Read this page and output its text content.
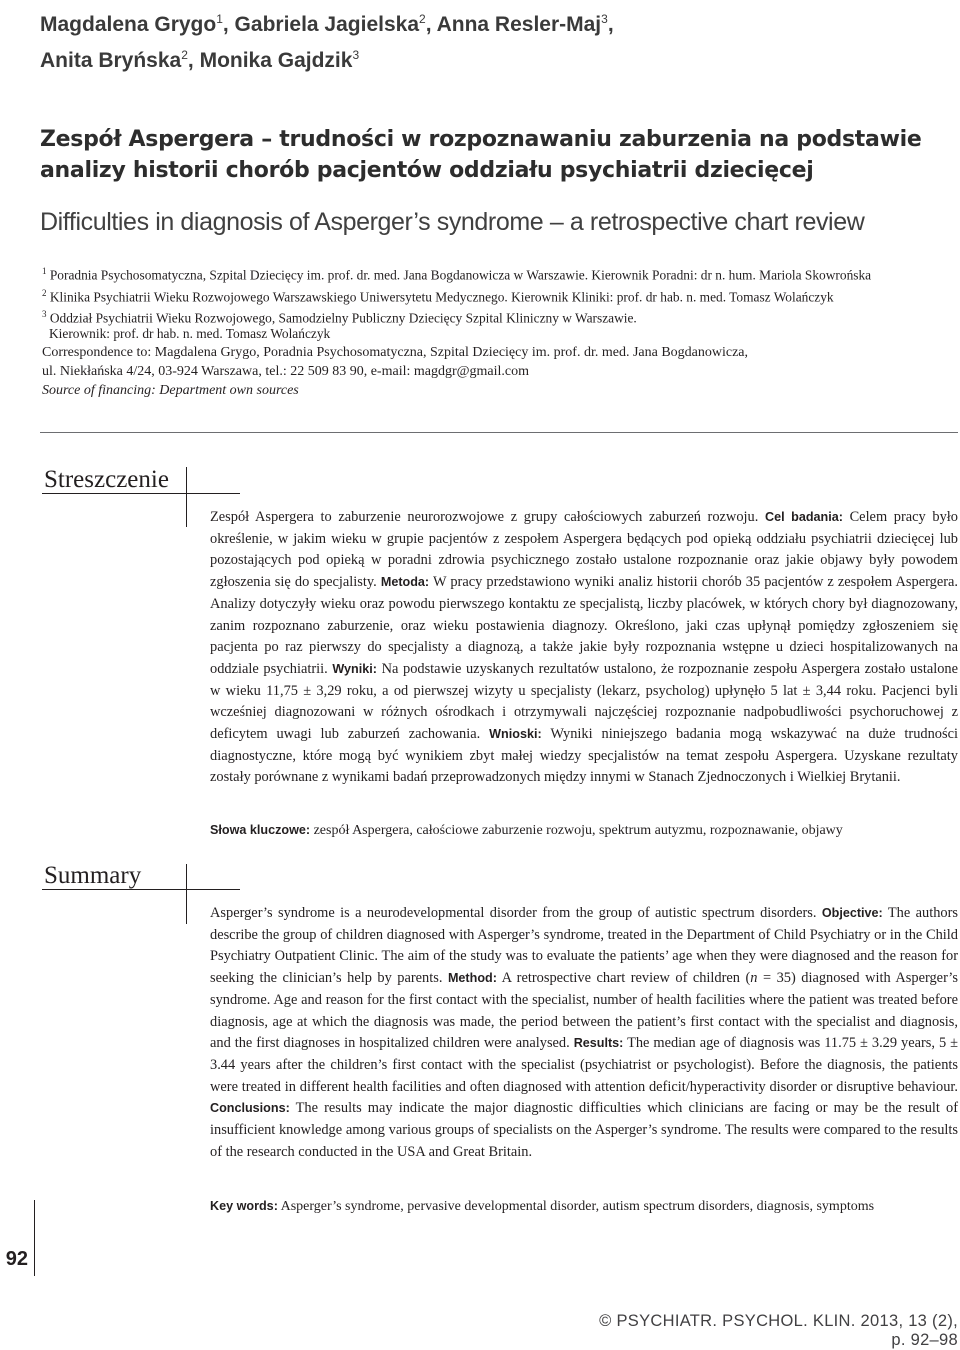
Magdalena Grygo$^1$, Gabriela Jagielska$^2$, Anna Resler-Maj$^3$,
Anita Bryńska$^2$, Monika Gajdzik$^3$
Zespół Aspergera – trudności w rozpoznawaniu zaburzenia na podstawie
analizy historii chorób pacjentów oddziału psychiatrii dziecięcej
Difficulties in diagnosis of Asperger’s syndrome – a retrospective chart review
$^1$ Poradnia Psychosomatyczna, Szpital Dziecięcy im. prof. dr. med. Jana Bogdanowicza w Warszawie. Kierownik Poradni: dr n. hum. Mariola Skowrońska
$^2$ Klinika Psychiatrii Wieku Rozwojowego Warszawskiego Uniwersytetu Medycznego. Kierownik Kliniki: prof. dr hab. n. med. Tomasz Wolańczyk
$^3$ Oddział Psychiatrii Wieku Rozwojowego, Samodzielny Publiczny Dziecięcy Szpital Kliniczny w Warszawie.
Kierownik: prof. dr hab. n. med. Tomasz Wolańczyk
Correspondence to: Magdalena Grygo, Poradnia Psychosomatyczna, Szpital Dziecięcy im. prof. dr. med. Jana Bogdanowicza,
ul. Niekłańska 4/24, 03-924 Warszawa, tel.: 22 509 83 90, e-mail: magdgr@gmail.com
Source of financing: Department own sources
Streszczenie
Zespół Aspergera to zaburzenie neurorozwojowe z grupy całościowych zaburzeń rozwoju. Cel badania: Celem pracy było określenie, w jakim wieku w grupie pacjentów z zespołem Aspergera będących pod opieką oddziału psychiatrii dziecięcej lub pozostających pod opieką w poradni zdrowia psychicznego zostało ustalone rozpoznanie oraz jakie objawy były powodem zgłoszenia się do specjalisty. Metoda: W pracy przedstawiono wyniki analiz historii chorób 35 pacjentów z zespołem Aspergera. Analizy dotyczyły wieku oraz powodu pierwszego kontaktu ze specjalistą, liczby placówek, w których chory był diagnozowany, zanim rozpoznano zaburzenie, oraz wieku postawienia diagnozy. Określono, jaki czas upłynął pomiędzy zgłoszeniem się pacjenta po raz pierwszy do specjalisty a diagnozą, a także jakie były rozpoznania wstępne u dzieci hospitalizowanych na oddziale psychiatrii. Wyniki: Na podstawie uzyskanych rezultatów ustalono, że rozpoznanie zespołu Aspergera zostało ustalone w wieku 11,75 ± 3,29 roku, a od pierwszej wizyty u specjalisty (lekarz, psycholog) upłynęło 5 lat ± 3,44 roku. Pacjenci byli wcześniej diagnozowani w różnych ośrodkach i otrzymywali najczęściej rozpoznanie nadpobudliwości psychoruchowej z deficytem uwagi lub zaburzeń zachowania. Wnioski: Wyniki niniejszego badania mogą wskazywać na duże trudności diagnostyczne, które mogą być wynikiem zbyt małej wiedzy specjalistów na temat zespołu Aspergera. Uzyskane rezultaty zostały porównane z wynikami badań przeprowadzonych między innymi w Stanach Zjednoczonych i Wielkiej Brytanii.
Słowa kluczowe: zespół Aspergera, całościowe zaburzenie rozwoju, spektrum autyzmu, rozpoznawanie, objawy
Summary
Asperger’s syndrome is a neurodevelopmental disorder from the group of autistic spectrum disorders. Objective: The authors describe the group of children diagnosed with Asperger’s syndrome, treated in the Department of Child Psychiatry or in the Child Psychiatry Outpatient Clinic. The aim of the study was to evaluate the patients’ age when they were diagnosed and the reason for seeking the clinician’s help by parents. Method: A retrospective chart review of children (n = 35) diagnosed with Asperger’s syndrome. Age and reason for the first contact with the specialist, number of health facilities where the patient was treated before diagnosis, age at which the diagnosis was made, the period between the patient’s first contact with the specialist and diagnosis, and the first diagnoses in hospitalized children were analysed. Results: The median age of diagnosis was 11.75 ± 3.29 years, 5 ± 3.44 years after the children’s first contact with the specialist (psychiatrist or psychologist). Before the diagnosis, the patients were treated in different health facilities and often diagnosed with attention deficit/hyperactivity disorder or disruptive behaviour. Conclusions: The results may indicate the major diagnostic difficulties which clinicians are facing or may be the result of insufficient knowledge among various groups of specialists on the Asperger’s syndrome. The results were compared to the results of the research conducted in the USA and Great Britain.
Key words: Asperger’s syndrome, pervasive developmental disorder, autism spectrum disorders, diagnosis, symptoms
92
© PSYCHIATR. PSYCHOL. KLIN. 2013, 13 (2), p. 92–98
